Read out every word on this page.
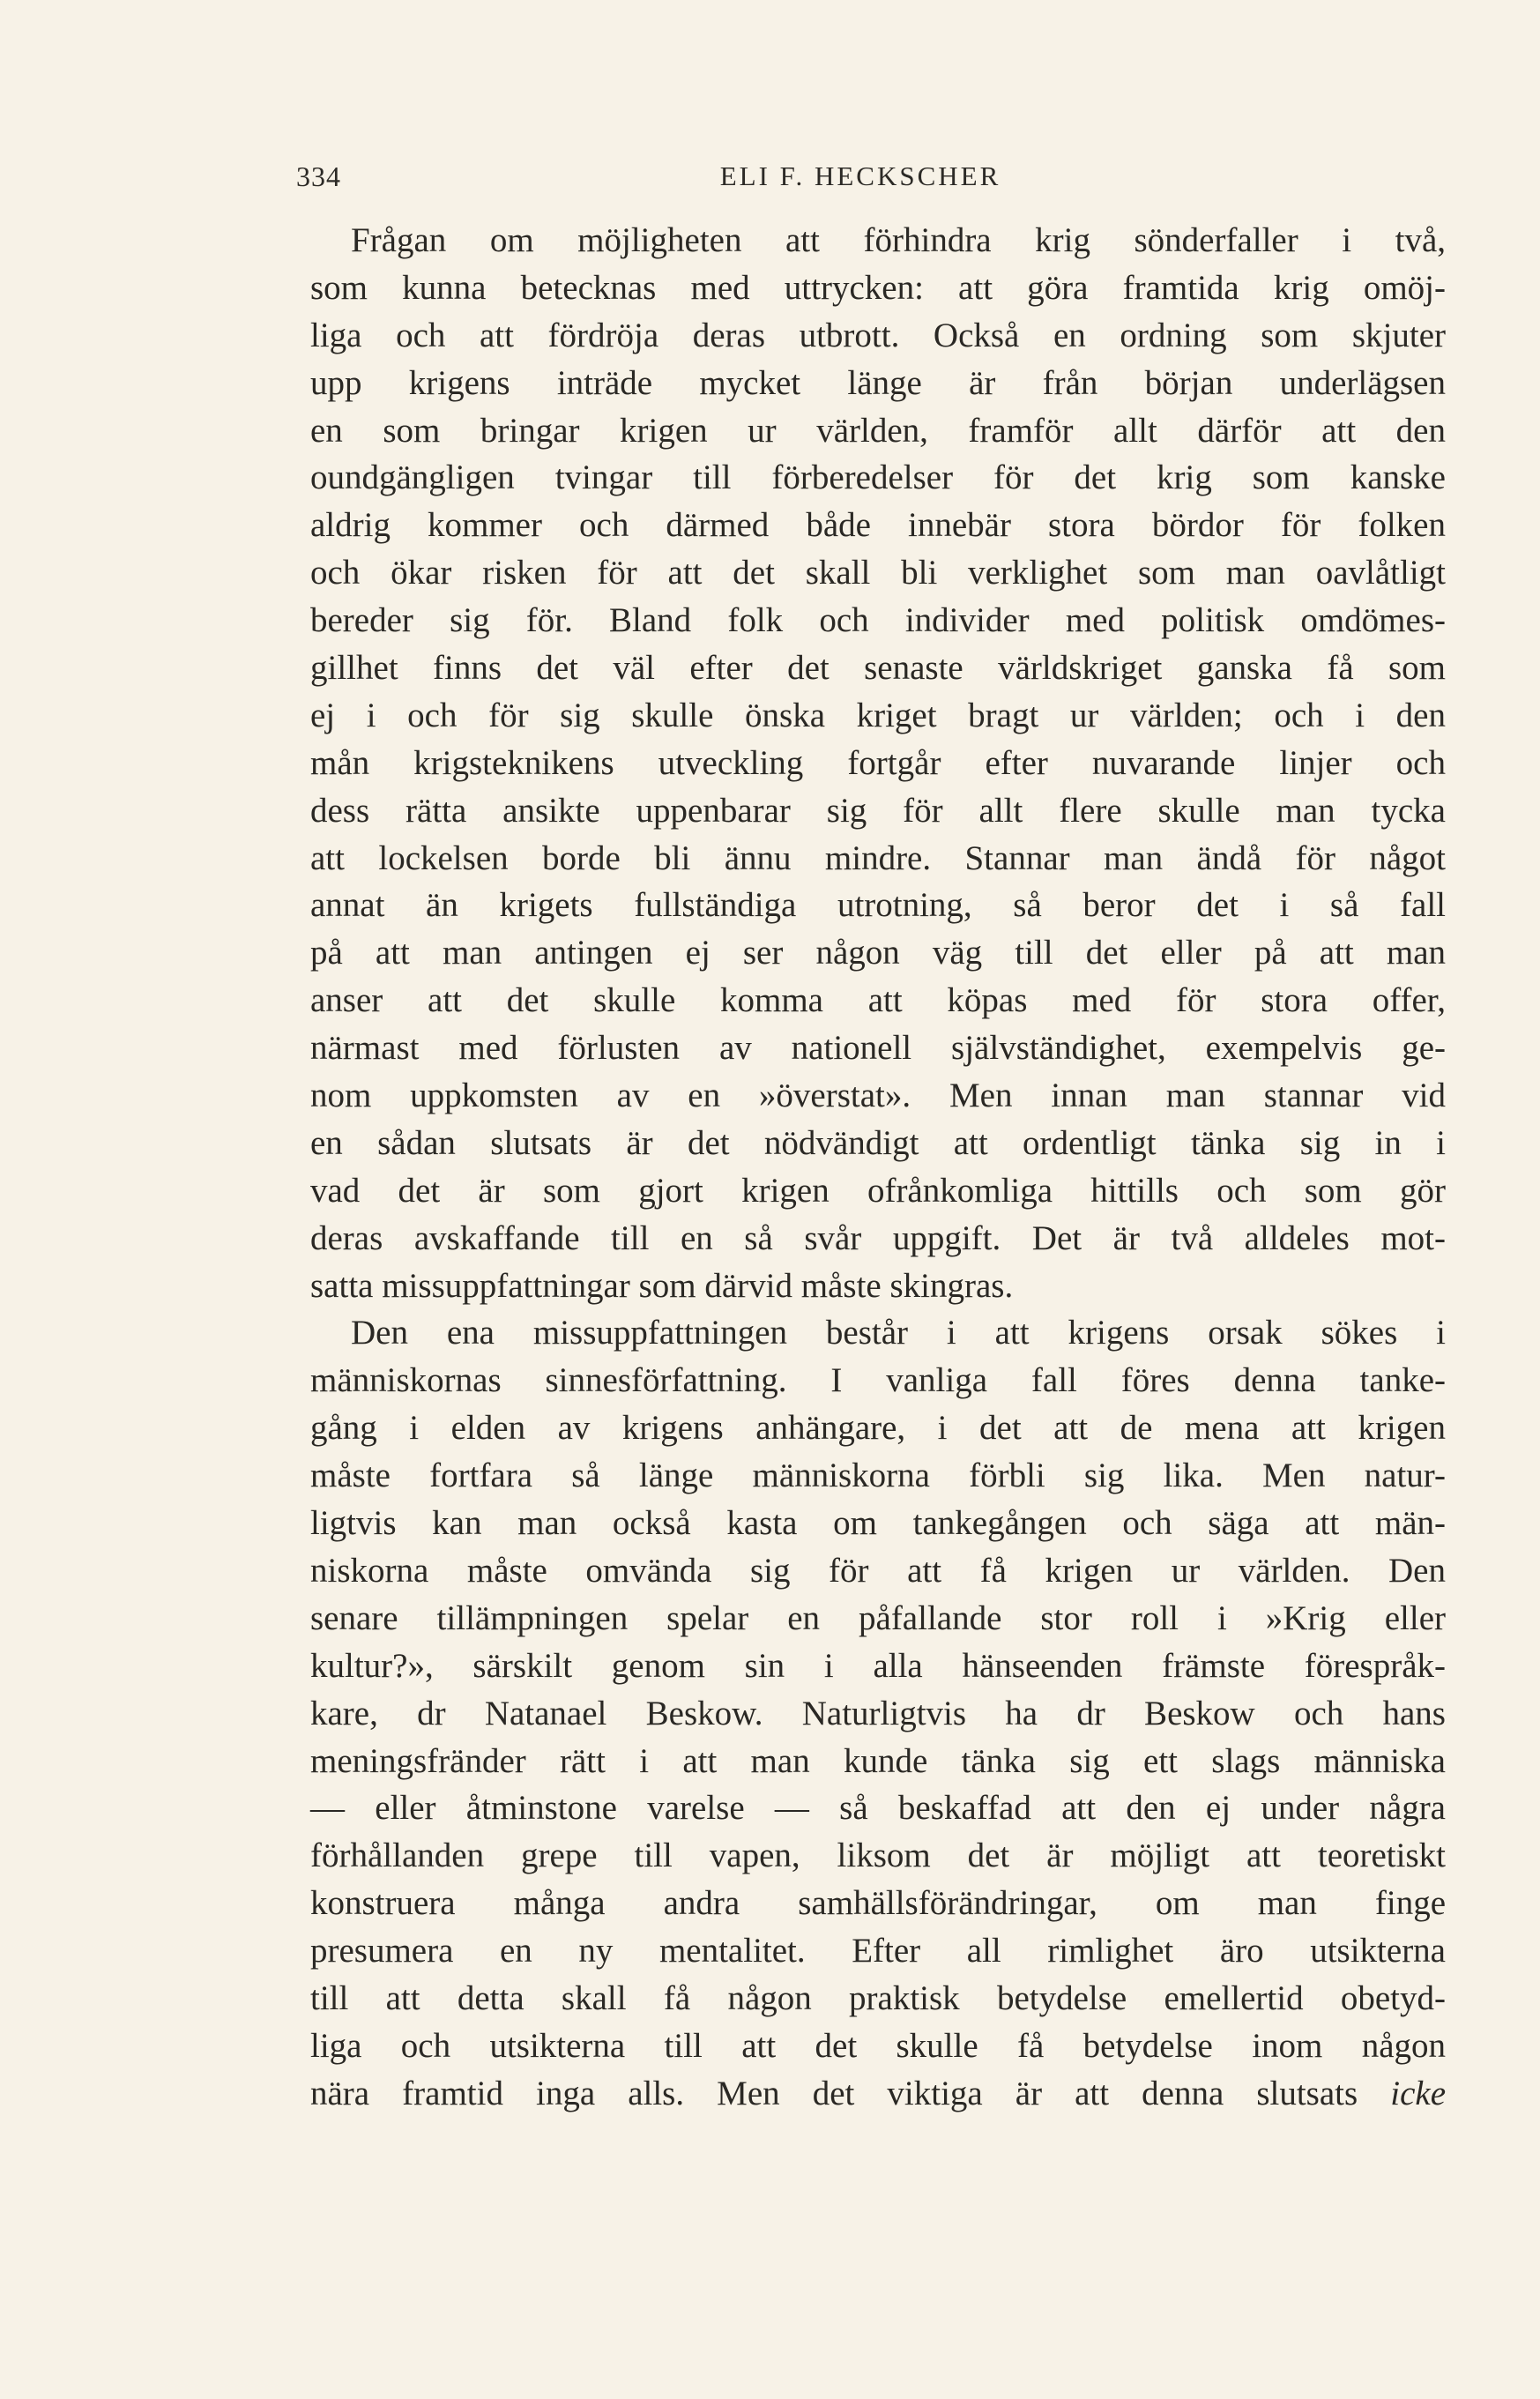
334	ELI F. HECKSCHER
Frågan om möjligheten att förhindra krig sönderfaller i två,
som kunna betecknas med uttrycken: att göra framtida krig omöj-
liga och att fördröja deras utbrott. Också en ordning som skjuter
upp krigens inträde mycket länge är från början underlägsen
en som bringar krigen ur världen, framför allt därför att den
oundgängligen tvingar till förberedelser för det krig som kanske
aldrig kommer och därmed både innebär stora bördor för folken
och ökar risken för att det skall bli verklighet som man oavlåtligt
bereder sig för. Bland folk och individer med politisk omdömes-
gillhet finns det väl efter det senaste världskriget ganska få som
ej i och för sig skulle önska kriget bragt ur världen; och i den
mån krigsteknikens utveckling fortgår efter nuvarande linjer och
dess rätta ansikte uppenbarar sig för allt flere skulle man tycka
att lockelsen borde bli ännu mindre. Stannar man ändå för något
annat än krigets fullständiga utrotning, så beror det i så fall
på att man antingen ej ser någon väg till det eller på att man
anser att det skulle komma att köpas med för stora offer,
närmast med förlusten av nationell självständighet, exempelvis ge-
nom uppkomsten av en »överstat». Men innan man stannar vid
en sådan slutsats är det nödvändigt att ordentligt tänka sig in i
vad det är som gjort krigen ofrånkomliga hittills och som gör
deras avskaffande till en så svår uppgift. Det är två alldeles mot-
satta missuppfattningar som därvid måste skingras.
Den ena missuppfattningen består i att krigens orsak sökes i
människornas sinnesförfattning. I vanliga fall föres denna tanke-
gång i elden av krigens anhängare, i det att de mena att krigen
måste fortfara så länge människorna förbli sig lika. Men natur-
ligtvis kan man också kasta om tankegången och säga att män-
niskorna måste omvända sig för att få krigen ur världen. Den
senare tillämpningen spelar en påfallande stor roll i »Krig eller
kultur?», särskilt genom sin i alla hänseenden främste förespråk-
kare, dr Natanael Beskow. Naturligtvis ha dr Beskow och hans
meningsfränder rätt i att man kunde tänka sig ett slags människa
— eller åtminstone varelse — så beskaffad att den ej under några
förhållanden grepe till vapen, liksom det är möjligt att teoretiskt
konstruera många andra samhällsförändringar, om man finge
presumera en ny mentalitet. Efter all rimlighet äro utsikterna
till att detta skall få någon praktisk betydelse emellertid obetyd-
liga och utsikterna till att det skulle få betydelse inom någon
nära framtid inga alls. Men det viktiga är att denna slutsats icke
